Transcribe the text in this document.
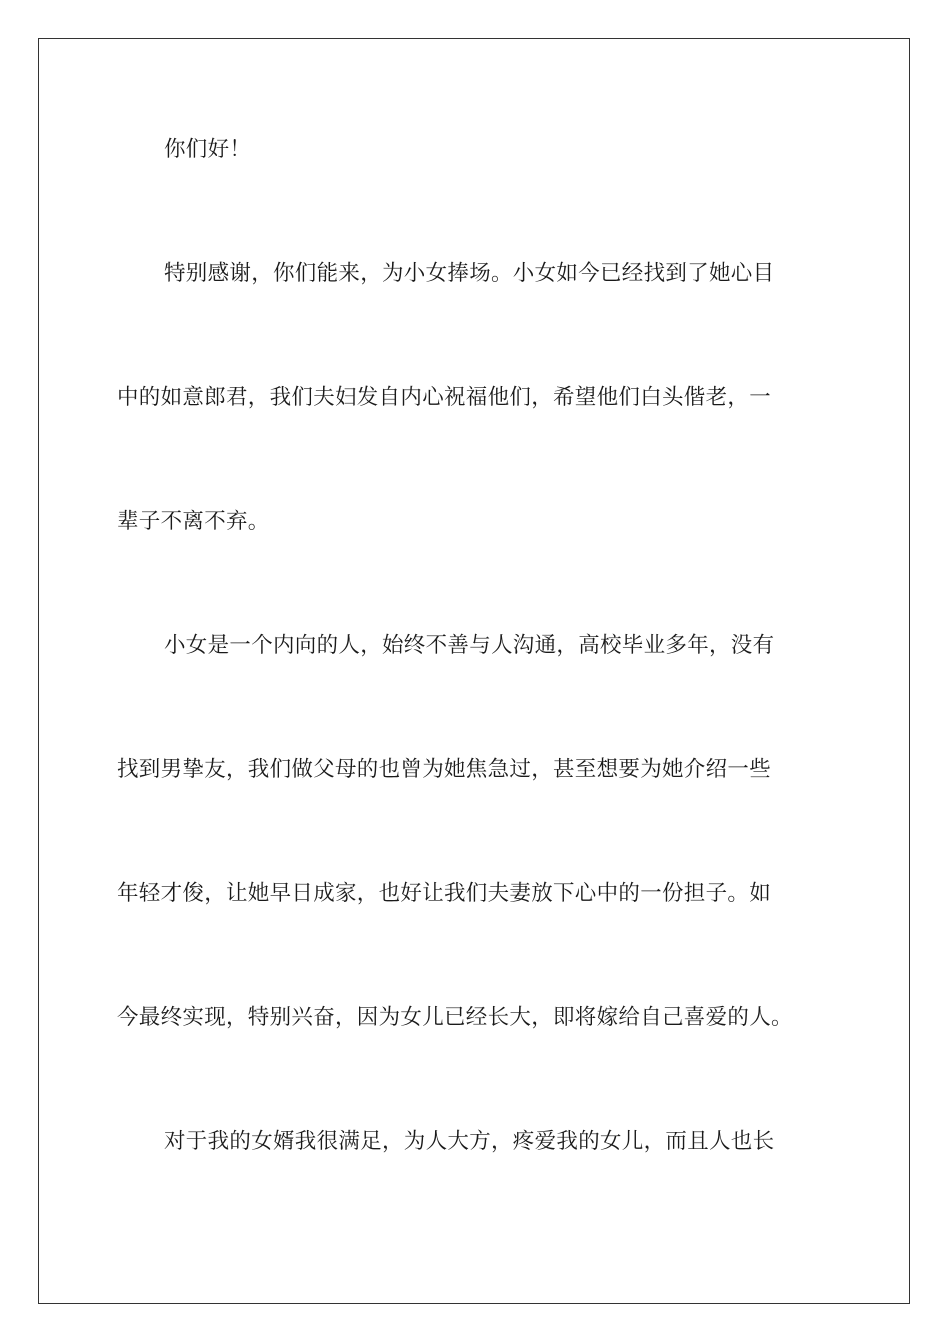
你们好！
特别感谢，你们能来，为小女捧场。小女如今已经找到了她心目
中的如意郎君，我们夫妇发自内心祝福他们，希望他们白头偕老，一
辈子不离不弃。
小女是一个内向的人，始终不善与人沟通，高校毕业多年，没有
找到男挚友，我们做父母的也曾为她焦急过，甚至想要为她介绍一些
年轻才俊，让她早日成家，也好让我们夫妻放下心中的一份担子。如
今最终实现，特别兴奋，因为女儿已经长大，即将嫁给自己喜爱的人。
对于我的女婿我很满足，为人大方，疼爱我的女儿，而且人也长
